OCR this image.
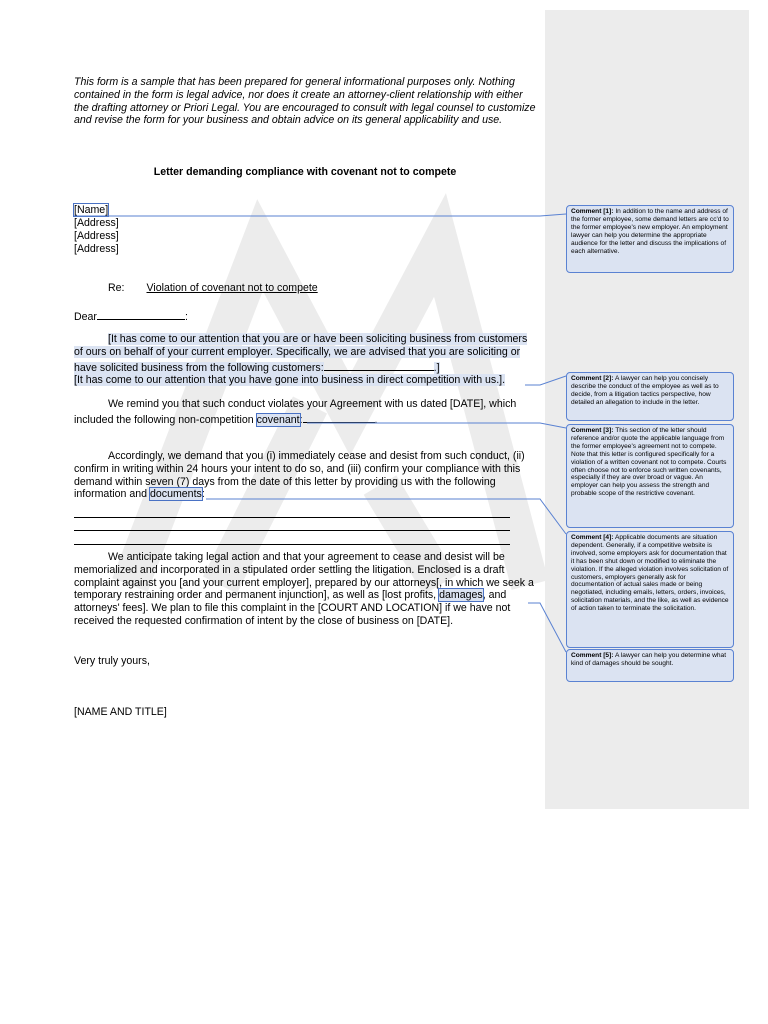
This form is a sample that has been prepared for general informational purposes only. Nothing contained in the form is legal advice, nor does it create an attorney-client relationship with either the drafting attorney or Priori Legal. You are encouraged to consult with legal counsel to customize and revise the form for your business and obtain advice on its general applicability and use.
Letter demanding compliance with covenant not to compete
[Name]
[Address]
[Address]
[Address]
Re: Violation of covenant not to compete
Dear	:
[It has come to our attention that you are or have been soliciting business from customers of ours on behalf of your current employer. Specifically, we are advised that you are soliciting or have solicited business from the following customers:	.]
[It has come to our attention that you have gone into business in direct competition with us.].
We remind you that such conduct violates your Agreement with us dated [DATE], which included the following non-competition covenant:	.
Accordingly, we demand that you (i) immediately cease and desist from such conduct, (ii) confirm in writing within 24 hours your intent to do so, and (iii) confirm your compliance with this demand within seven (7) days from the date of this letter by providing us with the following information and documents:
We anticipate taking legal action and that your agreement to cease and desist will be memorialized and incorporated in a stipulated order settling the litigation. Enclosed is a draft complaint against you [and your current employer], prepared by our attorneys[, in which we seek a temporary restraining order and permanent injunction], as well as [lost profits, damages, and attorneys' fees]. We plan to file this complaint in the [COURT AND LOCATION] if we have not received the requested confirmation of intent by the close of business on [DATE].
Very truly yours,
[NAME AND TITLE]
Comment [1]: In addition to the name and address of the former employee, some demand letters are cc'd to the former employee's new employer. An employment lawyer can help you determine the appropriate audience for the letter and discuss the implications of each alternative.
Comment [2]: A lawyer can help you concisely describe the conduct of the employee as well as to decide, from a litigation tactics perspective, how detailed an allegation to include in the letter.
Comment [3]: This section of the letter should reference and/or quote the applicable language from the former employee's agreement not to compete. Note that this letter is configured specifically for a violation of a written covenant not to compete. Courts often choose not to enforce such written covenants, especially if they are over broad or vague. An employer can help you assess the strength and probable scope of the restrictive covenant.
Comment [4]: Applicable documents are situation dependent. Generally, if a competitive website is involved, some employers ask for documentation that it has been shut down or modified to eliminate the violation. If the alleged violation involves solicitation of customers, employers generally ask for documentation of actual sales made or being negotiated, including emails, letters, orders, invoices, solicitation materials, and the like, as well as evidence of action taken to terminate the solicitation.
Comment [5]: A lawyer can help you determine what kind of damages should be sought.
